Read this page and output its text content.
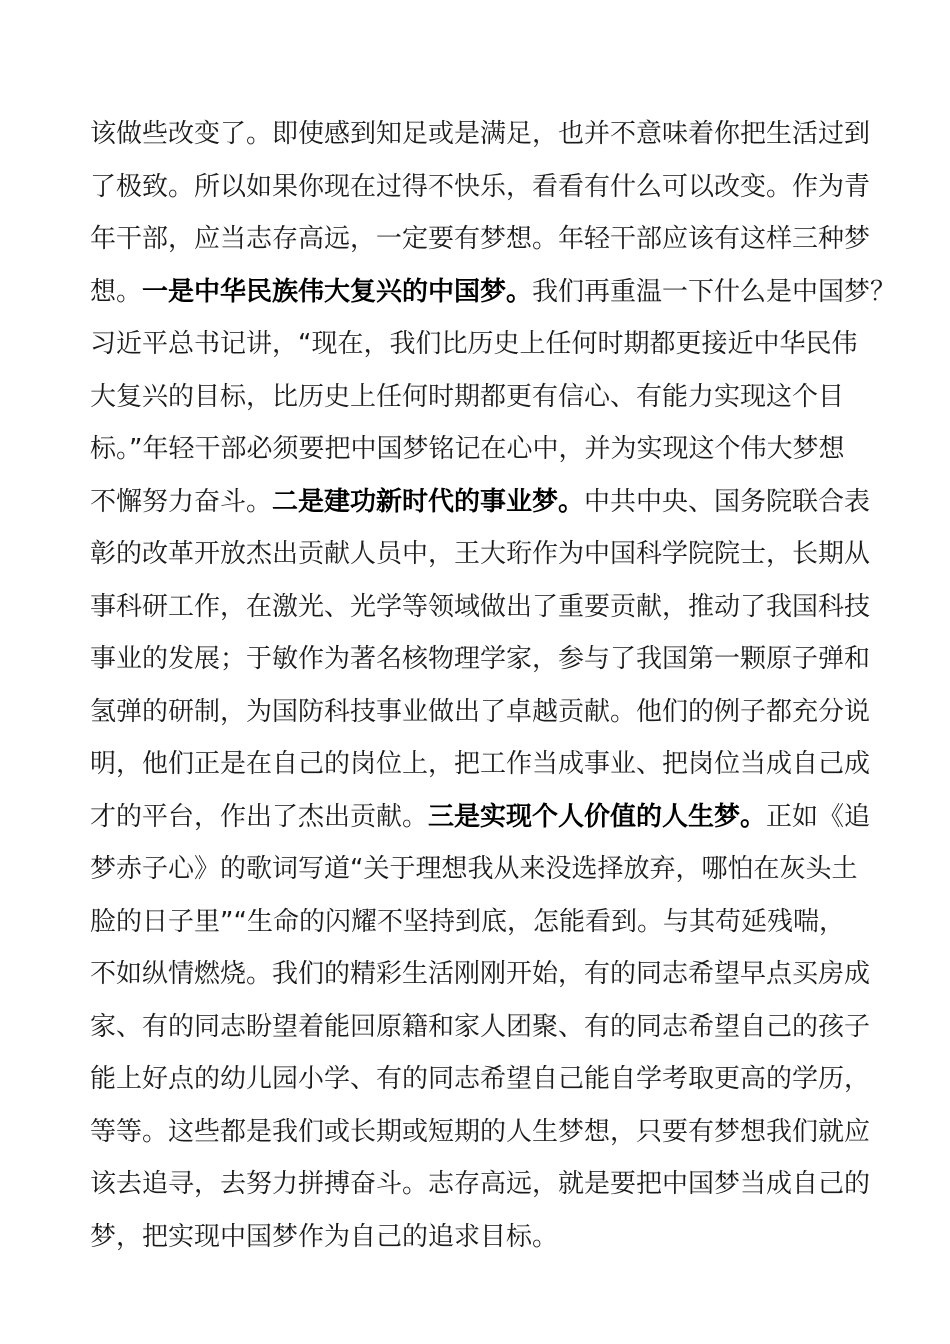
该做些改变了。即使感到知足或是满足，也并不意味着你把生活过到
了极致。所以如果你现在过得不快乐，看看有什么可以改变。作为青
年干部，应当志存高远，一定要有梦想。年轻干部应该有这样三种梦
想。一是中华民族伟大复兴的中国梦。我们再重温一下什么是中国梦？
习近平总书记讲，“现在，我们比历史上任何时期都更接近中华民伟
大复兴的目标，比历史上任何时期都更有信心、有能力实现这个目
标。”年轻干部必须要把中国梦铭记在心中，并为实现这个伟大梦想
不懈努力奋斗。二是建功新时代的事业梦。中共中央、国务院联合表
彰的改革开放杰出贡献人员中，王大珩作为中国科学院院士，长期从
事科研工作，在激光、光学等领域做出了重要贡献，推动了我国科技
事业的发展；于敏作为著名核物理学家，参与了我国第一颗原子弹和
氢弹的研制，为国防科技事业做出了卓越贡献。他们的例子都充分说
明，他们正是在自己的岗位上，把工作当成事业、把岗位当成自己成
才的平台，作出了杰出贡献。三是实现个人价值的人生梦。正如《追
梦赤子心》的歌词写道“关于理想我从来没选择放弃，哪怕在灰头土
脸的日子里”“生命的闪耀不坚持到底，怎能看到。与其苟延残喘，
不如纵情燃烧。我们的精彩生活刚刚开始，有的同志希望早点买房成
家、有的同志盼望着能回原籍和家人团聚、有的同志希望自己的孩子
能上好点的幼儿园小学、有的同志希望自己能自学考取更高的学历，
等等。这些都是我们或长期或短期的人生梦想，只要有梦想我们就应
该去追寻，去努力拼搏奋斗。志存高远，就是要把中国梦当成自己的
梦，把实现中国梦作为自己的追求目标。
